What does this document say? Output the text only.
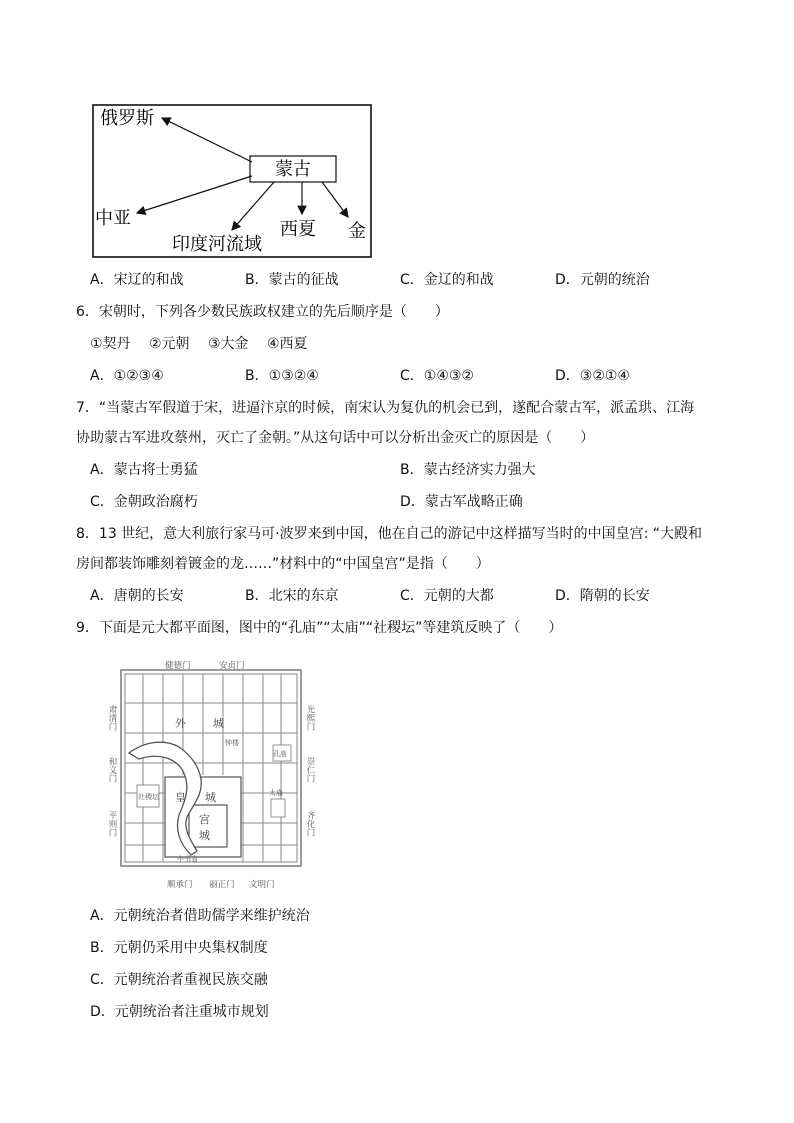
蒙古
俄罗斯
中亚
印度河流域
西夏 金
A．宋辽的和战	B．蒙古的征战	C．金辽的和战	D．元朝的统治
6．宋朝时，下列各少数民族政权建立的先后顺序是（　　）
①契丹　 ②元朝　 ③大金　 ④西夏
A．①②③④	B．①③②④	C．①④③②	D．③②①④
7．“当蒙古军假道于宋，进逼汴京的时候，南宋认为复仇的机会已到，遂配合蒙古军，派孟珙、江海
协助蒙古军进攻蔡州，灭亡了金朝。”从这句话中可以分析出金灭亡的原因是（　　）
A．蒙古将士勇猛	B．蒙古经济实力强大
C．金朝政治腐朽	D．蒙古军战略正确
8．13 世纪，意大利旅行家马可·波罗来到中国，他在自己的游记中这样描写当时的中国皇宫: “大殿和
房间都装饰雕刻着镀金的龙……”材料中的“中国皇宫”是指（　　）
A．唐朝的长安	B．北宋的东京	C．元朝的大都	D．隋朝的长安
9．下面是元大都平面图，图中的“孔庙”“太庙”“社稷坛”等建筑反映了（　　）
健德门	安贞门
顺承门 丽正门 文明门
肃清门
和义门
平则门
光熙门
崇仁门
齐化门
外 城
皇 城
宫
城
孔庙
钟楼
社稷坛	太庙
中书省
A．元朝统治者借助儒学来维护统治
B．元朝仍采用中央集权制度
C．元朝统治者重视民族交融
D．元朝统治者注重城市规划
